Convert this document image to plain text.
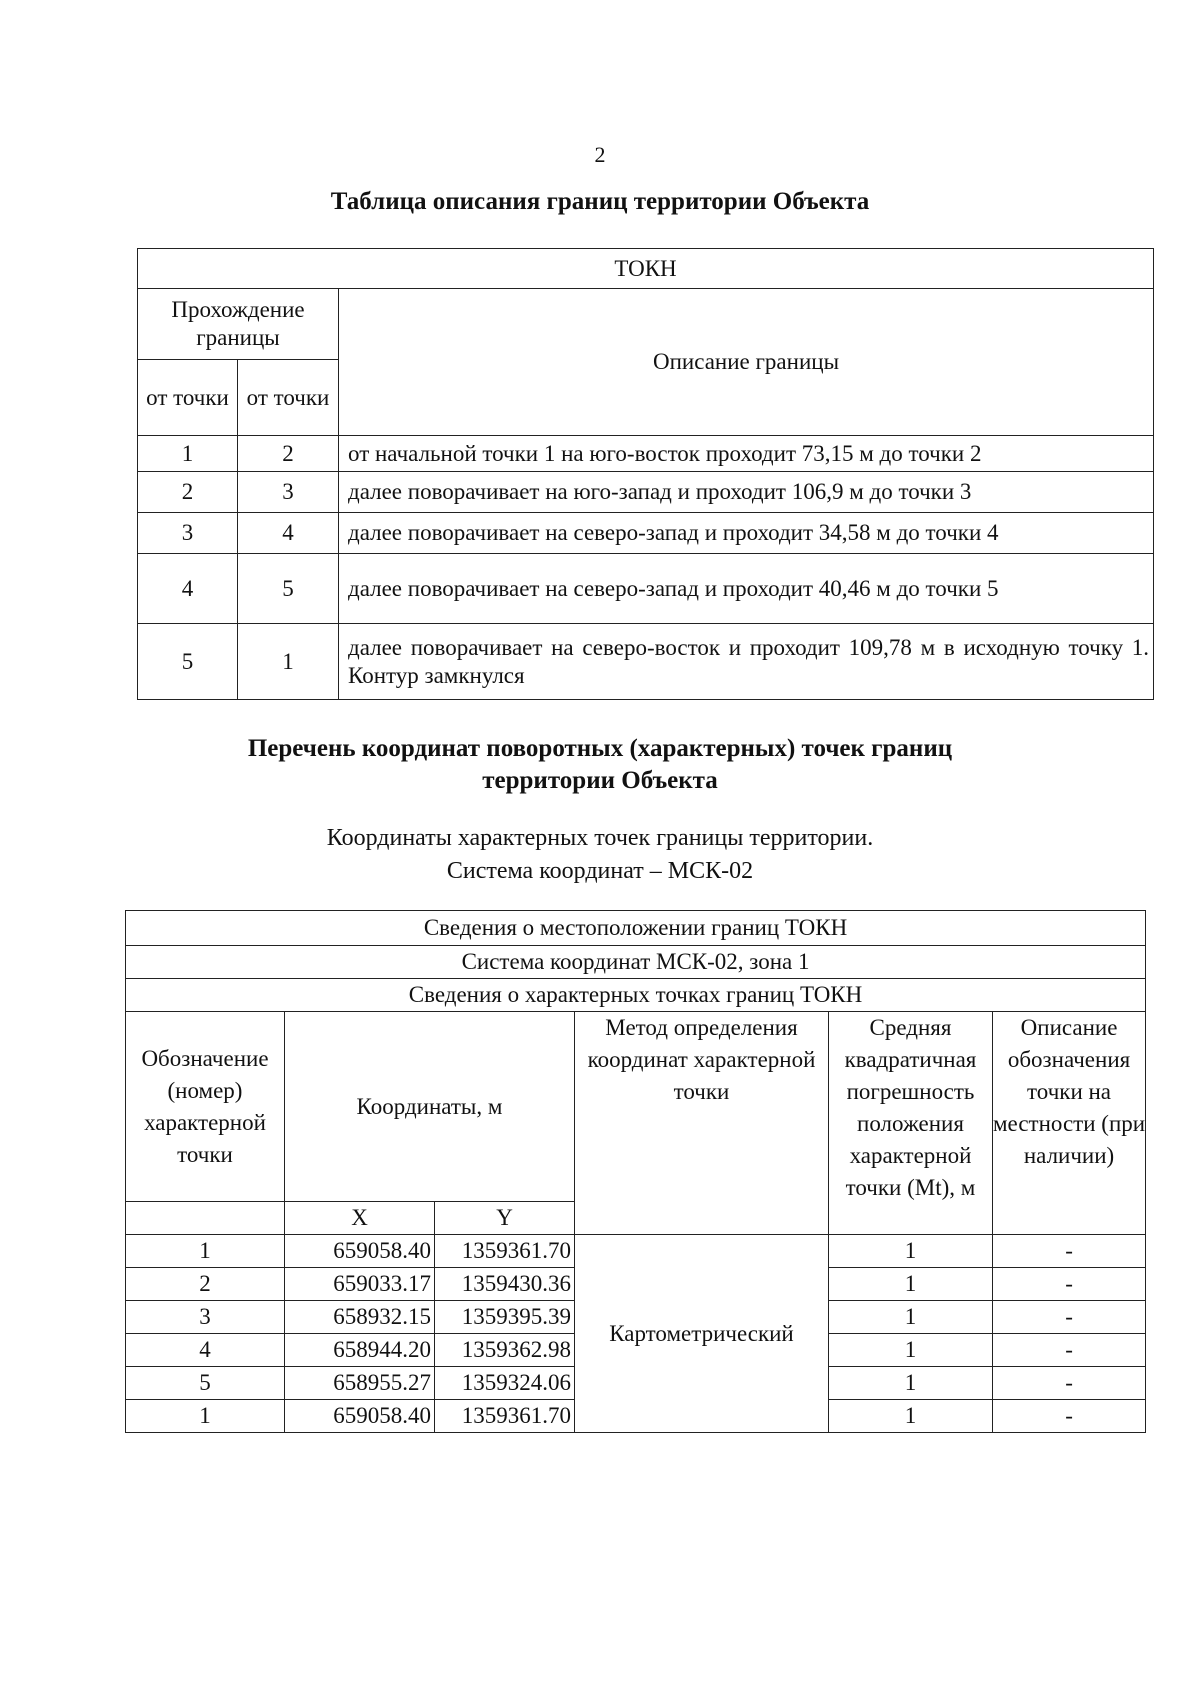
2
Таблица описания границ территории Объекта
ТОКН		
Прохождение границы		Описание границы
от точки	от точки	
1	2	от начальной точки 1 на юго-восток проходит 73,15 м до точки 2
2	3	далее поворачивает на юго-запад и проходит 106,9 м до точки 3
3	4	далее поворачивает на северо-запад и проходит 34,58 м до точки 4
4	5	далее поворачивает на северо-запад и проходит 40,46 м до точки 5
5	1	далее поворачивает на северо-восток и проходит 109,78 м в исходную точку 1. Контур замкнулся
Перечень координат поворотных (характерных) точек границ
территории Объекта
Координаты характерных точек границы территории.
Система координат – МСК-02
Сведения о местоположении границ ТОКН					
Система координат МСК-02, зона 1					
Сведения о характерных точках границ ТОКН					
Обозначение (номер) характерной точки	Координаты, м		Метод определения координат характерной точки	Средняя квадратичная погрешность положения характерной точки (Mt), м	Описание обозначения точки на местности (при наличии)
	X	Y			
1	659058.40	1359361.70	Картометрический	1	-
2	659033.17	1359430.36		1	-
3	658932.15	1359395.39		1	-
4	658944.20	1359362.98		1	-
5	658955.27	1359324.06		1	-
1	659058.40	1359361.70		1	-
